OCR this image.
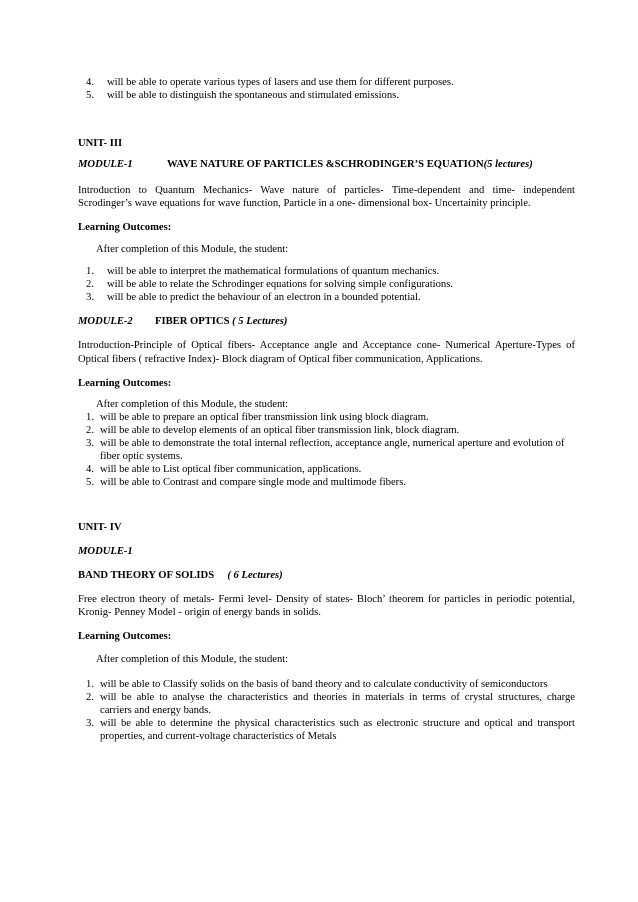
4. will be able to operate various types of lasers and use them for different purposes.
5. will be able to distinguish the spontaneous and stimulated emissions.
UNIT- III
MODULE-1	WAVE NATURE OF PARTICLES &SCHRODINGER’S EQUATION(5 lectures)
Introduction to Quantum Mechanics- Wave nature of particles- Time-dependent and time- independent
Scrodinger’s wave equations for wave function, Particle in a one- dimensional box- Uncertainity principle.
Learning Outcomes:
After completion of this Module, the student:
1. will be able to interpret the mathematical formulations of quantum mechanics.
2. will be able to relate the Schrodinger equations for solving simple configurations.
3. will be able to predict the behaviour of an electron in a bounded potential.
MODULE-2 FIBER OPTICS ( 5 Lectures)
Introduction-Principle of Optical fibers- Acceptance angle and Acceptance cone- Numerical Aperture-Types of
Optical fibers ( refractive Index)- Block diagram of Optical fiber communication, Applications.
Learning Outcomes:
After completion of this Module, the student:
1. will be able to prepare an optical fiber transmission link using block diagram.
2. will be able to develop elements of an optical fiber transmission link, block diagram.
3. will be able to demonstrate the total internal reflection, acceptance angle, numerical aperture and evolution of
fiber optic systems.
4. will be able to List optical fiber communication, applications.
5. will be able to Contrast and compare single mode and multimode fibers.
UNIT- IV
MODULE-1
BAND THEORY OF SOLIDS ( 6 Lectures)
Free electron theory of metals- Fermi level- Density of states- Bloch’ theorem for particles in periodic potential,
Kronig- Penney Model - origin of energy bands in solids.
Learning Outcomes:
After completion of this Module, the student:
1. will be able to Classify solids on the basis of band theory and to calculate conductivity of semiconductors
2. will be able to analyse the characteristics and theories in materials in terms of crystal structures, charge
carriers and energy bands.
3. will be able to determine the physical characteristics such as electronic structure and optical and transport
properties, and current-voltage characteristics of Metals
